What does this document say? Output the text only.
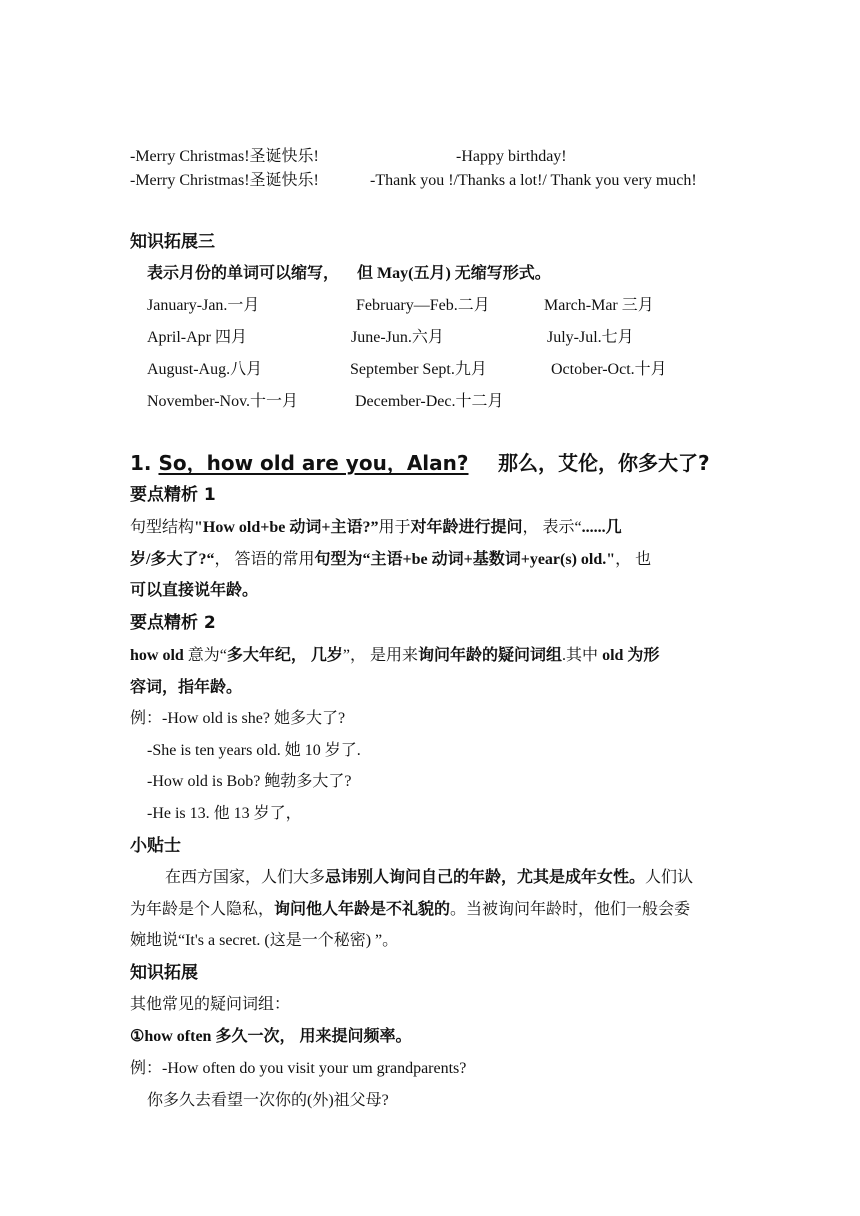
-Merry Christmas!圣诞快乐!	-Happy birthday!
-Merry Christmas!圣诞快乐!	-Thank you !/Thanks a lot!/ Thank you very much!
知识拓展三
表示月份的单词可以缩写， 但 May(五月) 无缩写形式。
January-Jan.一月	February—Feb.二月	March-Mar 三月
April-Apr 四月	June-Jun.六月	July-Jul.七月
August-Aug.八月	September Sept.九月	October-Oct.十月
November-Nov.十一月	December-Dec.十二月
1. So，how old are you，Alan? 那么，艾伦，你多大了?
要点精析 1
句型结构"How old+be 动词+主语?”用于对年龄进行提问， 表示“......几
岁/多大了?“， 答语的常用句型为“主语+be 动词+基数词+year(s) old."， 也
可以直接说年龄。
要点精析 2
how old 意为“多大年纪， 几岁”， 是用来询问年龄的疑问词组.其中 old 为形
容词，指年龄。
例：-How old is she? 她多大了?
-She is ten years old. 她 10 岁了.
-How old is Bob? 鲍勃多大了?
-He is 13. 他 13 岁了，
小贴士
在西方国家，人们大多忌讳别人询问自己的年龄，尤其是成年女性。人们认
为年龄是个人隐私，询问他人年龄是不礼貌的。当被询问年龄时，他们一般会委
婉地说“It's a secret. (这是一个秘密) ”。
知识拓展
其他常见的疑问词组：
①how often 多久一次， 用来提问频率。
例：-How often do you visit your um grandparents?
你多久去看望一次你的(外)祖父母?
